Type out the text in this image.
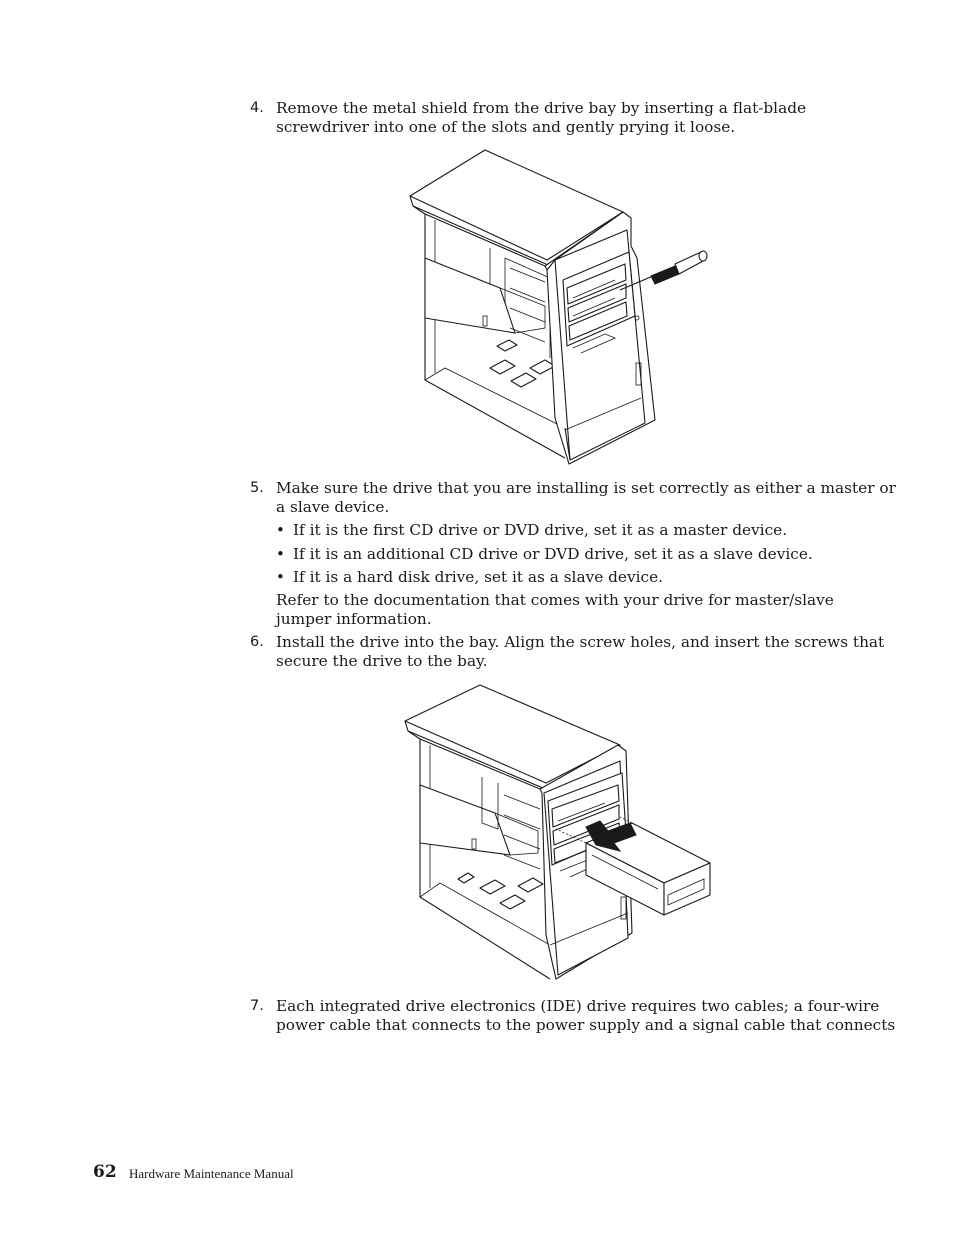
4. Remove the metal shield from the drive bay by inserting a flat-blade
screwdriver into one of the slots and gently prying it loose.
5. Make sure the drive that you are installing is set correctly as either a master or
a slave device.
• If it is the first CD drive or DVD drive, set it as a master device.
• If it is an additional CD drive or DVD drive, set it as a slave device.
• If it is a hard disk drive, set it as a slave device.
Refer to the documentation that comes with your drive for master/slave
jumper information.
6. Install the drive into the bay. Align the screw holes, and insert the screws that
secure the drive to the bay.
7. Each integrated drive electronics (IDE) drive requires two cables; a four-wire
power cable that connects to the power supply and a signal cable that connects
62 Hardware Maintenance Manual
